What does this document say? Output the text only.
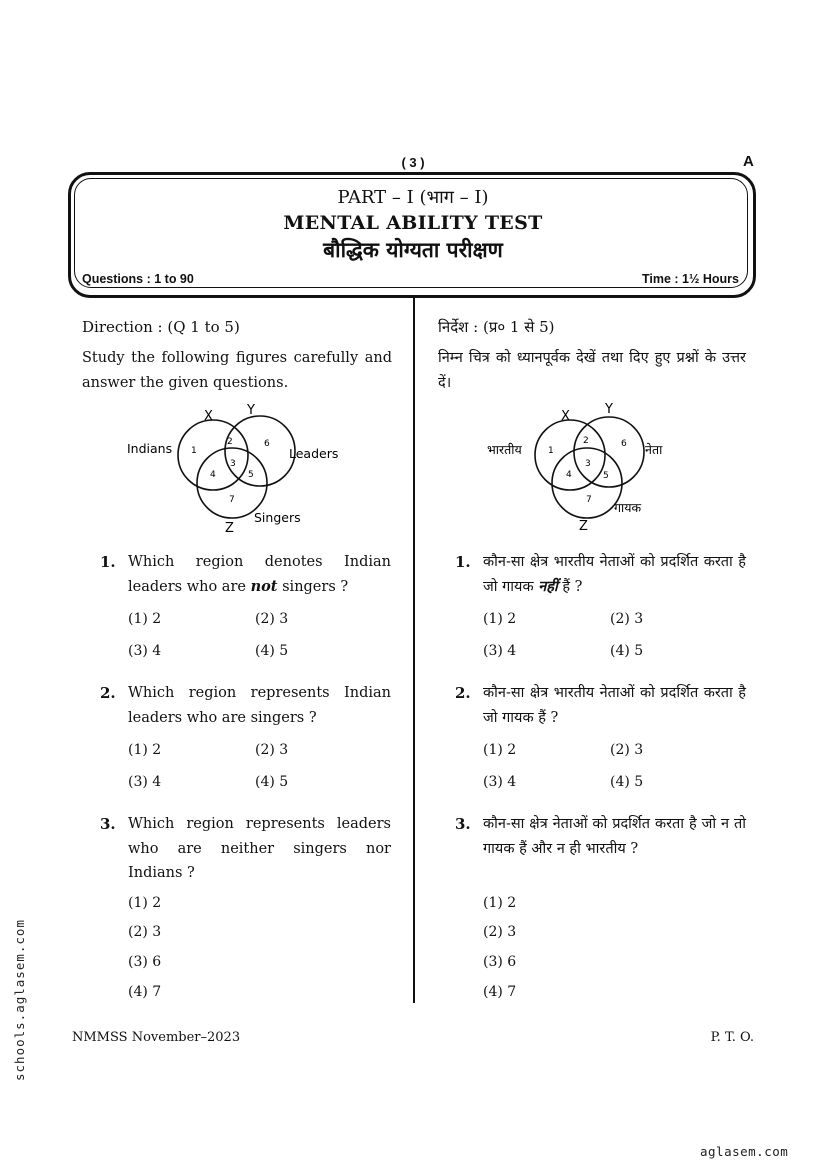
( 3 )	A
PART – I (भाग – I)
MENTAL ABILITY TEST
बौद्धिक योग्यता परीक्षण
Questions : 1 to 90	Time : 1½ Hours
Direction : (Q 1 to 5)
Study the following figures carefully and answer the given questions.
X	Y
Z
Indians	Leaders
Singers
1
2	6
4
3
5
7
1. Which region denotes Indian leaders who are not singers ?
(1) 2	(2) 3
(3) 4	(4) 5
2. Which region represents Indian leaders who are singers ?
(1) 2	(2) 3
(3) 4	(4) 5
3. Which region represents leaders who are neither singers nor Indians ?
(1) 2
(2) 3
(3) 6
(4) 7
निर्देश : (प्र० 1 से 5)
निम्न चित्र को ध्यानपूर्वक देखें तथा दिए हुए प्रश्नों के उत्तर दें।
X	Y
Z
भारतीय	नेता
गायक
1
2	6
4
3
5
7
1. कौन-सा क्षेत्र भारतीय नेताओं को प्रदर्शित करता है जो गायक नहीं हैं ?
(1) 2	(2) 3
(3) 4	(4) 5
2. कौन-सा क्षेत्र भारतीय नेताओं को प्रदर्शित करता है जो गायक हैं ?
(1) 2	(2) 3
(3) 4	(4) 5
3. कौन-सा क्षेत्र नेताओं को प्रदर्शित करता है जो न तो गायक हैं और न ही भारतीय ?
(1) 2
(2) 3
(3) 6
(4) 7
NMMSS November–2023	P. T. O.
schools.aglasem.com
aglasem.com
